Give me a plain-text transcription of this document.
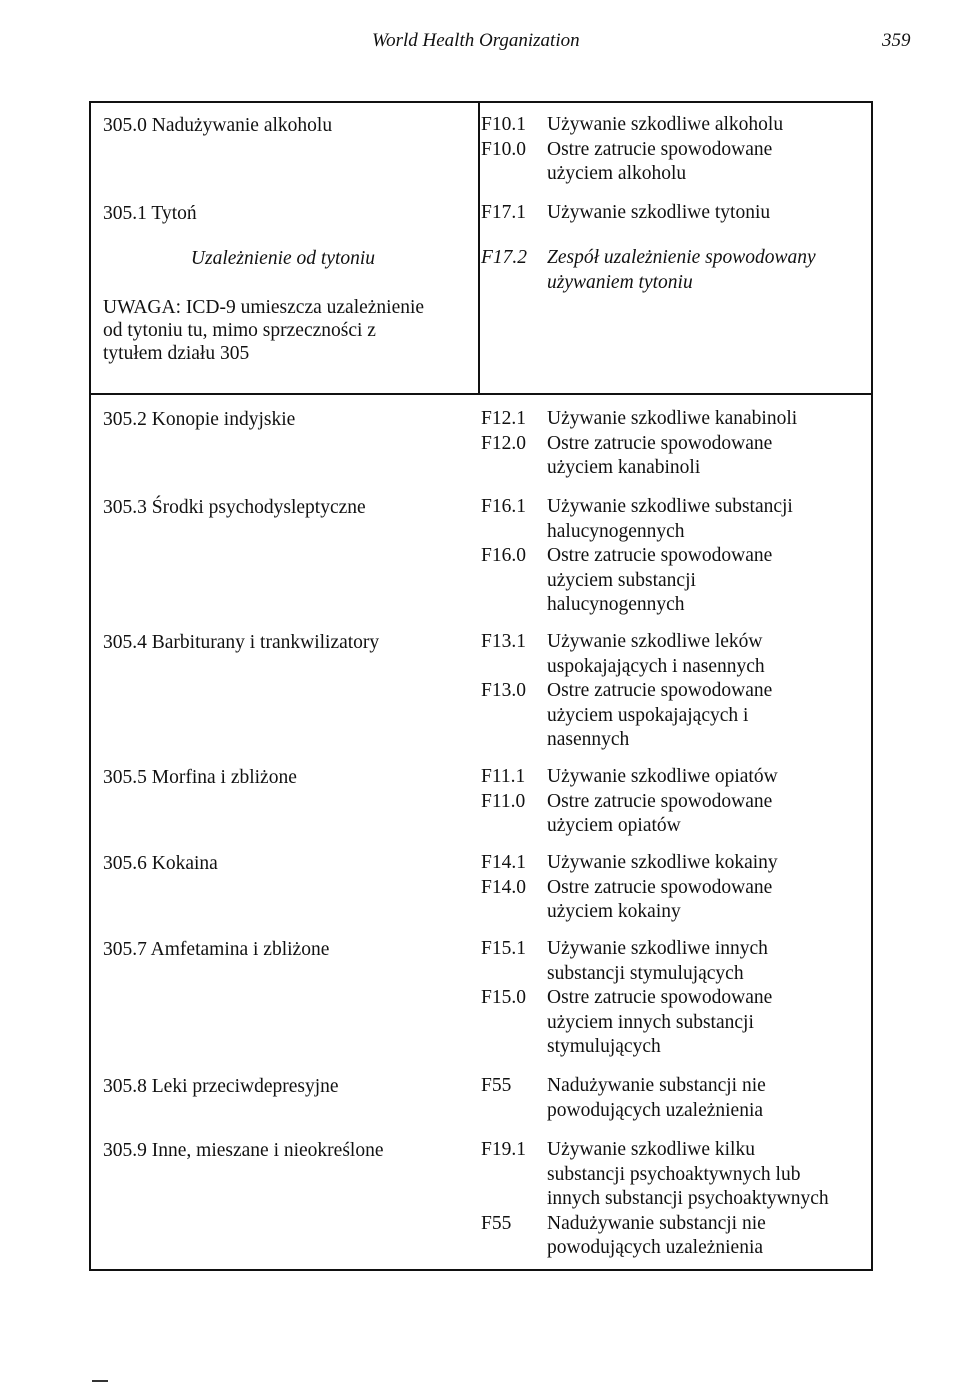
World Health Organization	359

305.0 Nadużywanie alkoholu	F10.1 Używanie szkodliwe alkoholu
F10.0 Ostre zatrucie spowodowane
użyciem alkoholu

305.1 Tytoń	F17.1 Używanie szkodliwe tytoniu

Uzależnienie od tytoniu	F17.2 Zespół uzależnienie spowodowany
używaniem tytoniu

UWAGA: ICD-9 umieszcza uzależnienie

od tytoniu tu, mimo sprzeczności z

tytułem działu 305

305.2 Konopie indyjskie	F12.1 Używanie szkodliwe kanabinoli
F12.0 Ostre zatrucie spowodowane
użyciem kanabinoli

305.3 Środki psychodysleptyczne	F16.1 Używanie szkodliwe substancji
halucynogennych
F16.0 Ostre zatrucie spowodowane
użyciem substancji
halucynogennych

305.4 Barbiturany i trankwilizatory	F13.1 Używanie szkodliwe leków
uspokajających i nasennych
F13.0 Ostre zatrucie spowodowane
użyciem uspokajających i
nasennych

305.5 Morfina i zbliżone	F11.1 Używanie szkodliwe opiatów
F11.0 Ostre zatrucie spowodowane
użyciem opiatów

305.6 Kokaina	F14.1 Używanie szkodliwe kokainy
F14.0 Ostre zatrucie spowodowane
użyciem kokainy

305.7 Amfetamina i zbliżone	F15.1 Używanie szkodliwe innych
substancji stymulujących
F15.0 Ostre zatrucie spowodowane
użyciem innych substancji
stymulujących

305.8 Leki przeciwdepresyjne	F55 Nadużywanie substancji nie
powodujących uzależnienia

305.9 Inne, mieszane i nieokreślone	F19.1 Używanie szkodliwe kilku
substancji psychoaktywnych lub
innych substancji psychoaktywnych
F55 Nadużywanie substancji nie
powodujących uzależnienia
